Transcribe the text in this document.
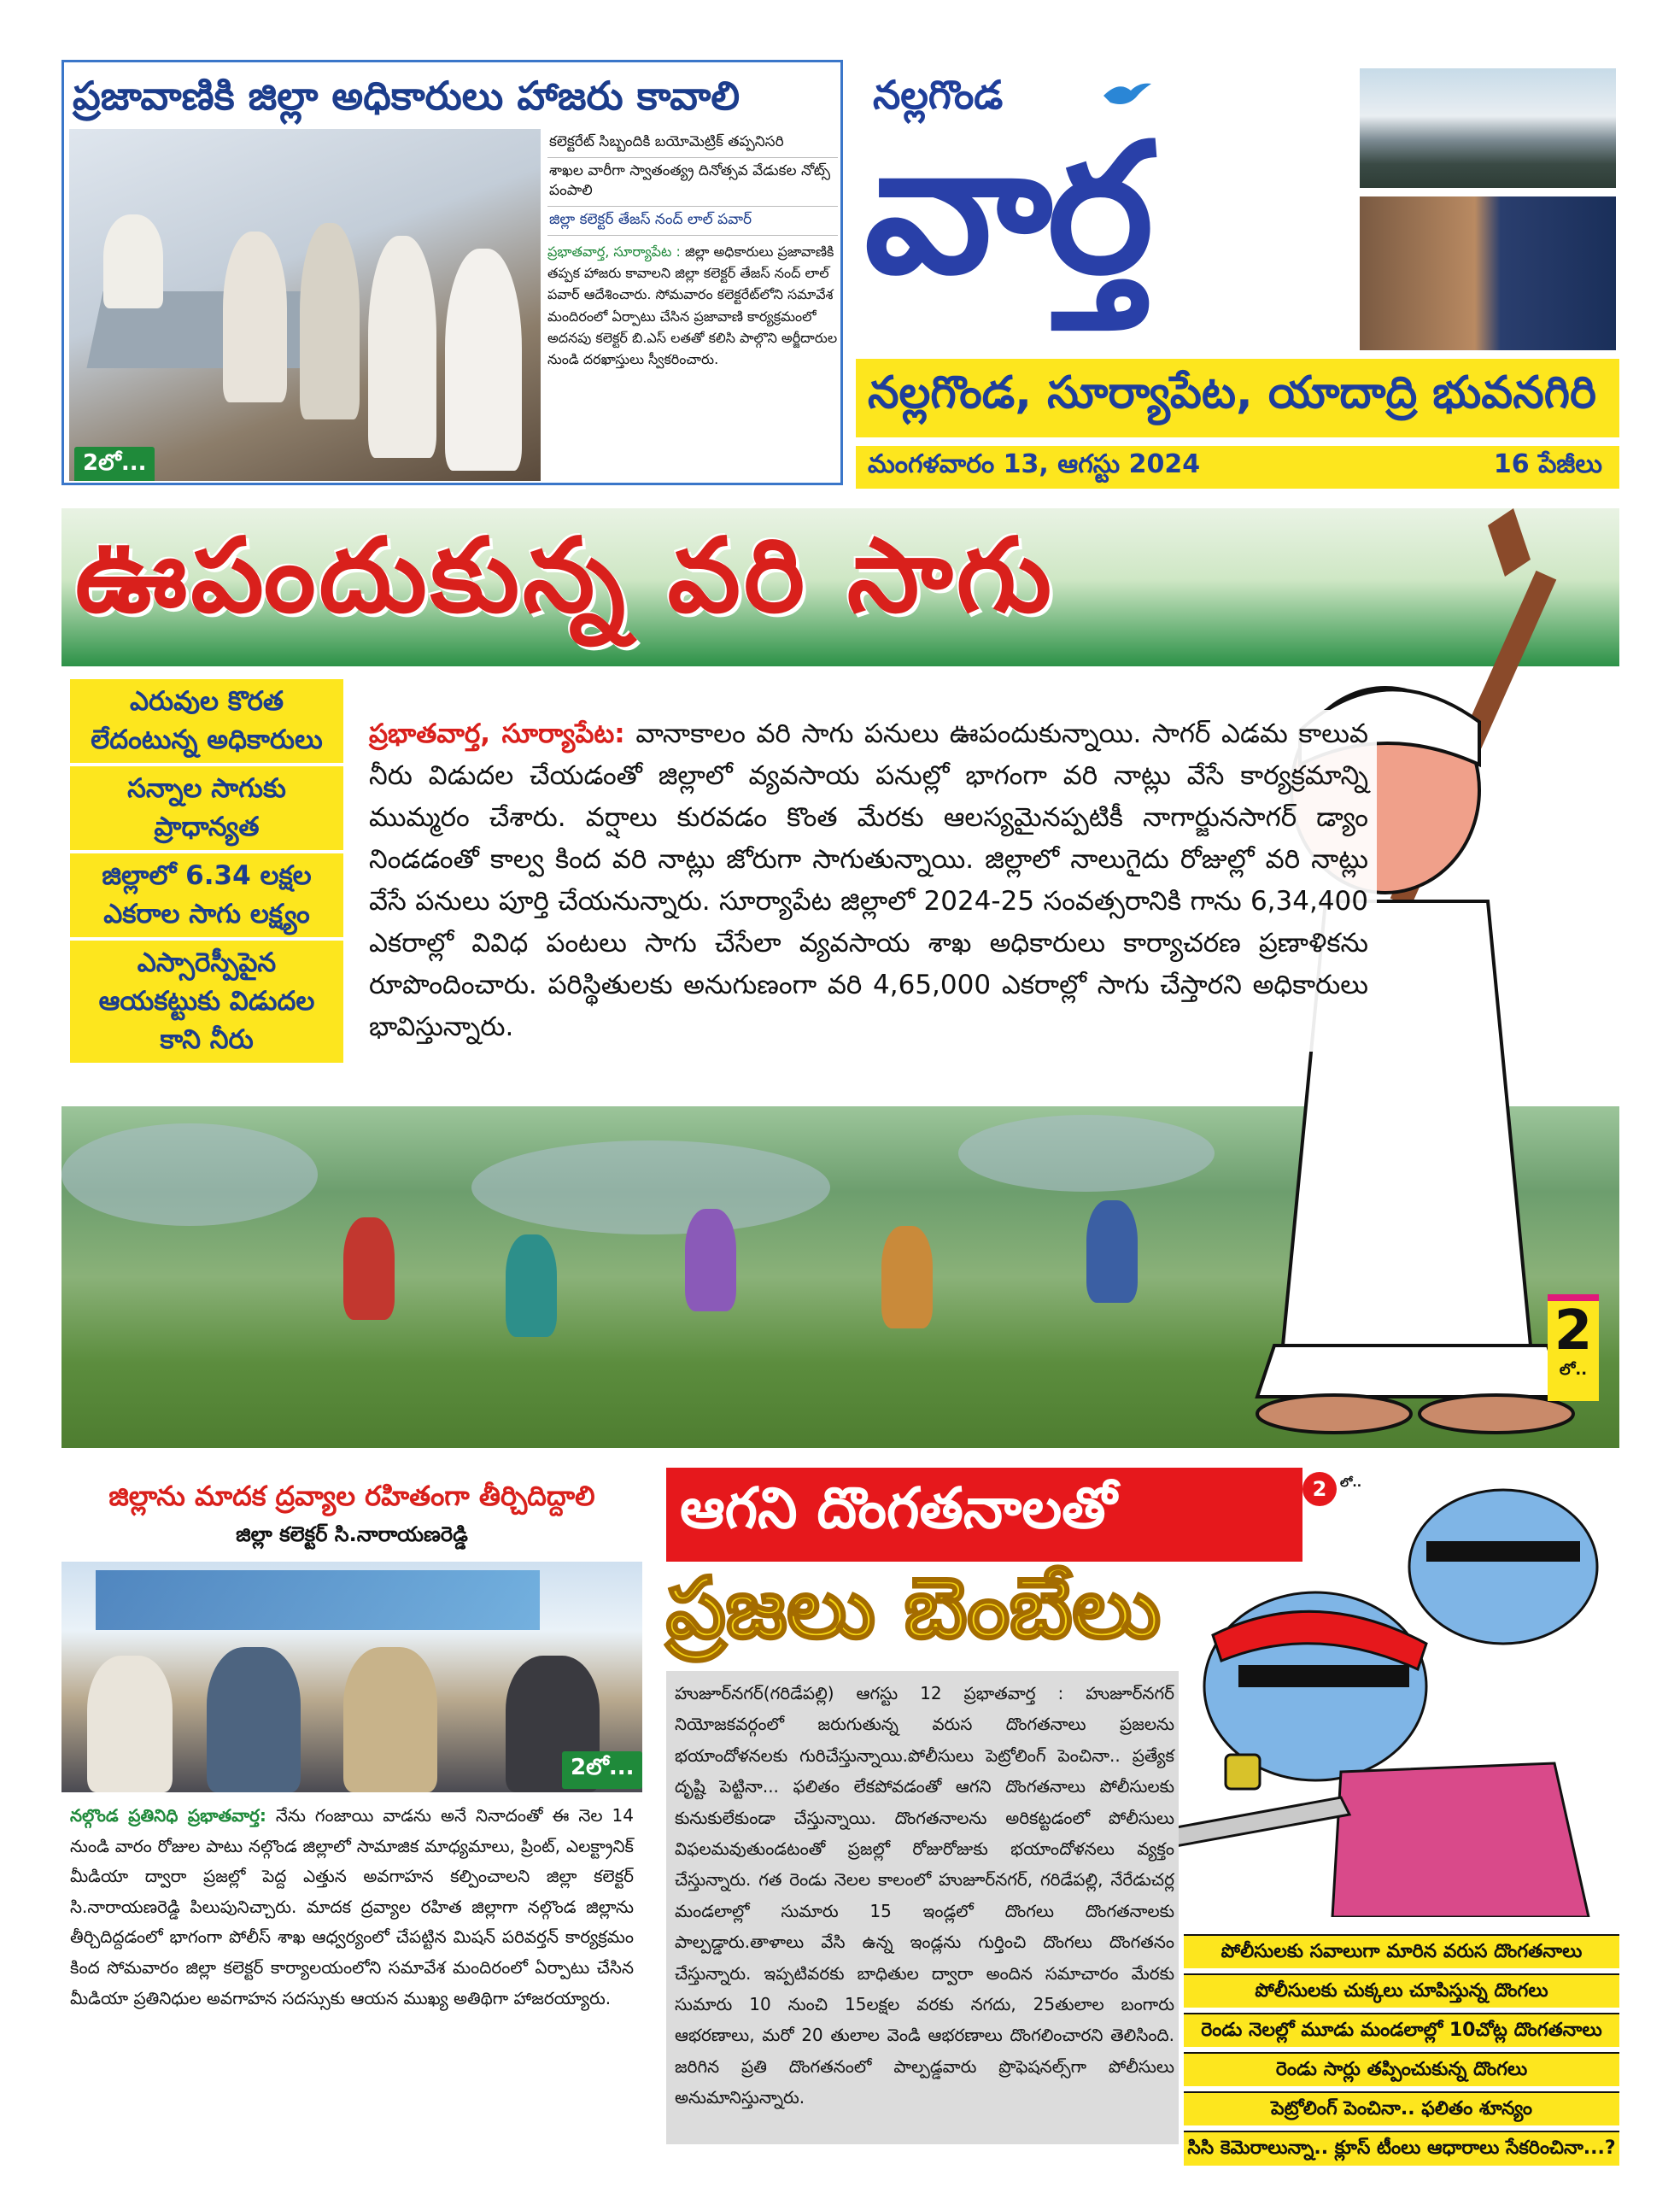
ప్రజావాణికి జిల్లా అధికారులు హాజరు కావాలి
2లో...
కలెక్టరేట్ సిబ్బందికి బయోమెట్రిక్ తప్పనిసరి
శాఖల వారీగా స్వాతంత్య్ర దినోత్సవ వేడుకల నోట్స్ పంపాలి
జిల్లా కలెక్టర్ తేజస్ నంద్ లాల్ పవార్
ప్రభాతవార్త, సూర్యాపేట : జిల్లా అధికారులు ప్రజావాణికి తప్పక హాజరు కావాలని జిల్లా కలెక్టర్ తేజస్ నంద్ లాల్ పవార్ ఆదేశించారు. సోమవారం కలెక్టరేట్‌లోని సమావేశ మందిరంలో ఏర్పాటు చేసిన ప్రజావాణి కార్యక్రమంలో అదనపు కలెక్టర్ బి.ఎస్ లతతో కలిసి పాల్గొని అర్జీదారుల నుండి దరఖాస్తులు స్వీకరించారు.
నల్లగొండ
వార్త
నల్లగొండ, సూర్యాపేట, యాదాద్రి భువనగిరి
మంగళవారం 13, ఆగస్టు 2024	16 పేజీలు
ఊపందుకున్న వరి సాగు
ఎరువుల కొరత లేదంటున్న అధికారులు
సన్నాల సాగుకు ప్రాధాన్యత
జిల్లాలో 6.34 లక్షల ఎకరాల సాగు లక్ష్యం
ఎస్సారెస్పీపైన ఆయకట్టుకు విడుదల కాని నీరు
ప్రభాతవార్త, సూర్యాపేట: వానాకాలం వరి సాగు పనులు ఊపందుకున్నాయి. సాగర్ ఎడమ కాలువ నీరు విడుదల చేయడంతో జిల్లాలో వ్యవసాయ పనుల్లో భాగంగా వరి నాట్లు వేసే కార్యక్రమాన్ని ముమ్మరం చేశారు. వర్షాలు కురవడం కొంత మేరకు ఆలస్యమైనప్పటికీ నాగార్జునసాగర్ డ్యాం నిండడంతో కాల్వ కింద వరి నాట్లు జోరుగా సాగుతున్నాయి. జిల్లాలో నాలుగైదు రోజుల్లో వరి నాట్లు వేసే పనులు పూర్తి చేయనున్నారు. సూర్యాపేట జిల్లాలో 2024-25 సంవత్సరానికి గాను 6,34,400 ఎకరాల్లో వివిధ పంటలు సాగు చేసేలా వ్యవసాయ శాఖ అధికారులు కార్యాచరణ ప్రణాళికను రూపొందించారు. పరిస్థితులకు అనుగుణంగా వరి 4,65,000 ఎకరాల్లో సాగు చేస్తారని అధికారులు భావిస్తున్నారు.
2
లో..
జిల్లాను మాదక ద్రవ్యాల రహితంగా తీర్చిదిద్దాలి
జిల్లా కలెక్టర్ సి.నారాయణరెడ్డి
2లో...
నల్గొండ ప్రతినిధి ప్రభాతవార్త: నేను గంజాయి వాడను అనే నినాదంతో ఈ నెల 14 నుండి వారం రోజుల పాటు నల్గొండ జిల్లాలో సామాజిక మాధ్యమాలు, ప్రింట్, ఎలక్ట్రానిక్ మీడియా ద్వారా ప్రజల్లో పెద్ద ఎత్తున అవగాహన కల్పించాలని జిల్లా కలెక్టర్ సి.నారాయణరెడ్డి పిలుపునిచ్చారు. మాదక ద్రవ్యాల రహిత జిల్లాగా నల్గొండ జిల్లాను తీర్చిదిద్దడంలో భాగంగా పోలీస్ శాఖ ఆధ్వర్యంలో చేపట్టిన మిషన్ పరివర్తన్ కార్యక్రమం కింద సోమవారం జిల్లా కలెక్టర్ కార్యాలయంలోని సమావేశ మందిరంలో ఏర్పాటు చేసిన మీడియా ప్రతినిధుల అవగాహన సదస్సుకు ఆయన ముఖ్య అతిథిగా హాజరయ్యారు.
ఆగని దొంగతనాలతో	2	లో..
ప్రజలు బెంబేలు
హుజూర్‌నగర్(గరిడేపల్లి) ఆగస్టు 12 ప్రభాతవార్త : హుజూర్‌నగర్ నియోజకవర్గంలో జరుగుతున్న వరుస దొంగతనాలు ప్రజలను భయాందోళనలకు గురిచేస్తున్నాయి.పోలీసులు పెట్రోలింగ్ పెంచినా.. ప్రత్యేక దృష్టి పెట్టినా... ఫలితం లేకపోవడంతో ఆగని దొంగతనాలు పోలీసులకు కునుకులేకుండా చేస్తున్నాయి. దొంగతనాలను అరికట్టడంలో పోలీసులు విఫలమవుతుండటంతో ప్రజల్లో రోజురోజుకు భయాందోళనలు వ్యక్తం చేస్తున్నారు. గత రెండు నెలల కాలంలో హుజూర్‌నగర్, గరిడేపల్లి, నేరేడుచర్ల మండలాల్లో సుమారు 15 ఇండ్లలో దొంగలు దొంగతనాలకు పాల్పడ్డారు.తాళాలు వేసి ఉన్న ఇండ్లను గుర్తించి దొంగలు దొంగతనం చేస్తున్నారు. ఇప్పటివరకు బాధితుల ద్వారా అందిన సమాచారం మేరకు సుమారు 10 నుంచి 15లక్షల వరకు నగదు, 25తులాల బంగారు ఆభరణాలు, మరో 20 తులాల వెండి ఆభరణాలు దొంగలించారని తెలిసింది. జరిగిన ప్రతి దొంగతనంలో పాల్పడ్డవారు ప్రొఫెషనల్స్‌గా పోలీసులు అనుమానిస్తున్నారు.
పోలీసులకు సవాలుగా మారిన వరుస దొంగతనాలు
పోలీసులకు చుక్కలు చూపిస్తున్న దొంగలు
రెండు నెలల్లో మూడు మండలాల్లో 10చోట్ల దొంగతనాలు
రెండు సార్లు తప్పించుకున్న దొంగలు
పెట్రోలింగ్ పెంచినా.. ఫలితం శూన్యం
సిసి కెమెరాలున్నా.. క్లూస్ టీంలు ఆధారాలు సేకరించినా...?
